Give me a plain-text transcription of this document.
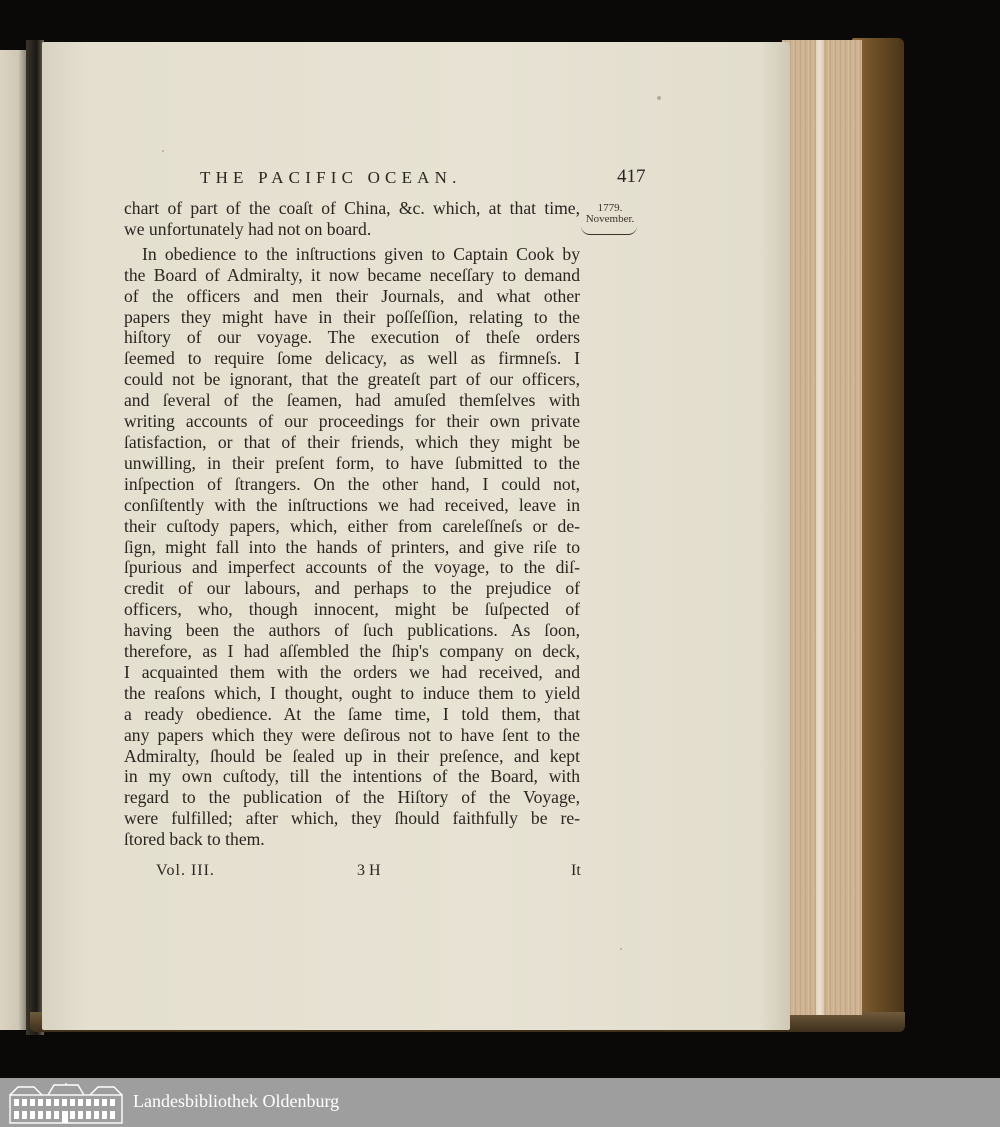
THE PACIFIC OCEAN.	417
1779.
November.
chart of part of the coaſt of China, &c. which, at that time,
we unfortunately had not on board.
In obedience to the inſtructions given to Captain Cook by
the Board of Admiralty, it now became neceſſary to demand
of the officers and men their Journals, and what other
papers they might have in their poſſeſſion, relating to the
hiſtory of our voyage. The execution of theſe orders
ſeemed to require ſome delicacy, as well as firmneſs. I
could not be ignorant, that the greateſt part of our officers,
and ſeveral of the ſeamen, had amuſed themſelves with
writing accounts of our proceedings for their own private
ſatisfaction, or that of their friends, which they might be
unwilling, in their preſent form, to have ſubmitted to the
inſpection of ſtrangers. On the other hand, I could not,
conſiſtently with the inſtructions we had received, leave in
their cuſtody papers, which, either from careleſſneſs or de-
ſign, might fall into the hands of printers, and give riſe to
ſpurious and imperfect accounts of the voyage, to the diſ-
credit of our labours, and perhaps to the prejudice of
officers, who, though innocent, might be ſuſpected of
having been the authors of ſuch publications. As ſoon,
therefore, as I had aſſembled the ſhip's company on deck,
I acquainted them with the orders we had received, and
the reaſons which, I thought, ought to induce them to yield
a ready obedience. At the ſame time, I told them, that
any papers which they were deſirous not to have ſent to the
Admiralty, ſhould be ſealed up in their preſence, and kept
in my own cuſtody, till the intentions of the Board, with
regard to the publication of the Hiſtory of the Voyage,
were fulfilled; after which, they ſhould faithfully be re-
ſtored back to them.
Vol. III.	3 H	It
Landesbibliothek Oldenburg
